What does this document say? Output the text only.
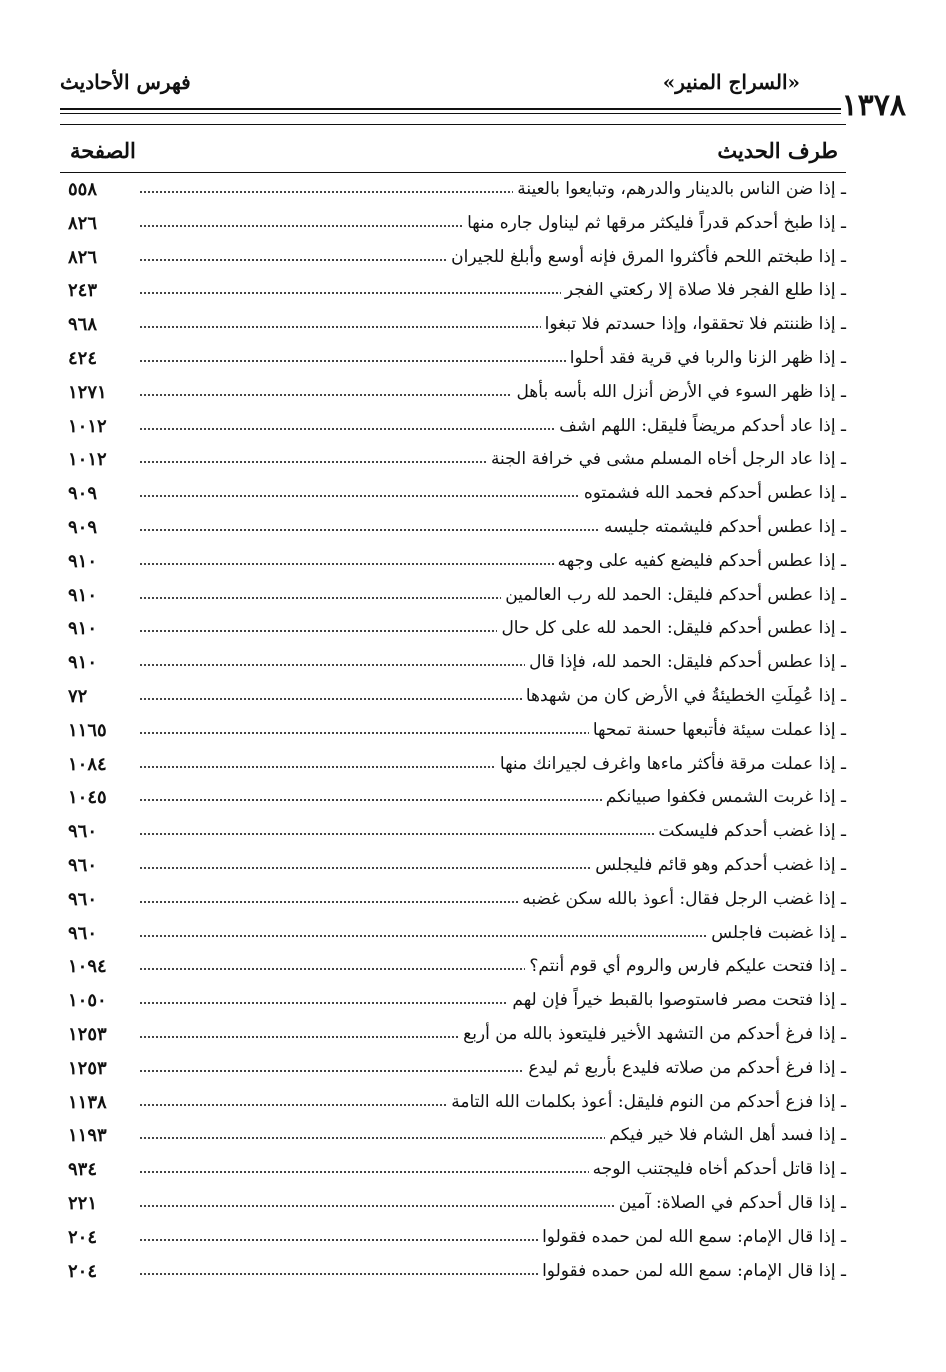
١٣٧٨
«السراج المنير»
فهرس الأحاديث
طرف الحديث
الصفحة
ـ إذا ضن الناس بالدينار والدرهم، وتبايعوا بالعينة
٥٥٨
ـ إذا طبخ أحدكم قدراً فليكثر مرقها ثم ليناول جاره منها
٨٢٦
ـ إذا طبختم اللحم فأكثروا المرق فإنه أوسع وأبلغ للجيران
٨٢٦
ـ إذا طلع الفجر فلا صلاة إلا ركعتي الفجر
٢٤٣
ـ إذا ظننتم فلا تحققوا، وإذا حسدتم فلا تبغوا
٩٦٨
ـ إذا ظهر الزنا والربا في قرية فقد أحلوا
٤٢٤
ـ إذا ظهر السوء في الأرض أنزل الله بأسه بأهل
١٢٧١
ـ إذا عاد أحدكم مريضاً فليقل: اللهم اشف
١٠١٢
ـ إذا عاد الرجل أخاه المسلم مشى في خرافة الجنة
١٠١٢
ـ إذا عطس أحدكم فحمد الله فشمتوه
٩٠٩
ـ إذا عطس أحدكم فليشمته جليسه
٩٠٩
ـ إذا عطس أحدكم فليضع كفيه على وجهه
٩١٠
ـ إذا عطس أحدكم فليقل: الحمد لله رب العالمين
٩١٠
ـ إذا عطس أحدكم فليقل: الحمد لله على كل حال
٩١٠
ـ إذا عطس أحدكم فليقل: الحمد لله، فإذا قال
٩١٠
ـ إذا عُمِلَتِ الخطيئةُ في الأرض كان من شهدها
٧٢
ـ إذا عملت سيئة فأتبعها حسنة تمحها
١١٦٥
ـ إذا عملت مرقة فأكثر ماءها واغرف لجيرانك منها
١٠٨٤
ـ إذا غربت الشمس فكفوا صبيانكم
١٠٤٥
ـ إذا غضب أحدكم فليسكت
٩٦٠
ـ إذا غضب أحدكم وهو قائم فليجلس
٩٦٠
ـ إذا غضب الرجل فقال: أعوذ بالله سكن غضبه
٩٦٠
ـ إذا غضبت فاجلس
٩٦٠
ـ إذا فتحت عليكم فارس والروم أي قوم أنتم؟
١٠٩٤
ـ إذا فتحت مصر فاستوصوا بالقبط خيراً فإن لهم
١٠٥٠
ـ إذا فرغ أحدكم من التشهد الأخير فليتعوذ بالله من أربع
١٢٥٣
ـ إذا فرغ أحدكم من صلاته فليدع بأربع ثم ليدع
١٢٥٣
ـ إذا فزع أحدكم من النوم فليقل: أعوذ بكلمات الله التامة
١١٣٨
ـ إذا فسد أهل الشام فلا خير فيكم
١١٩٣
ـ إذا قاتل أحدكم أخاه فليجتنب الوجه
٩٣٤
ـ إذا قال أحدكم في الصلاة: آمين
٢٢١
ـ إذا قال الإمام: سمع الله لمن حمده فقولوا
٢٠٤
ـ إذا قال الإمام: سمع الله لمن حمده فقولوا
٢٠٤
